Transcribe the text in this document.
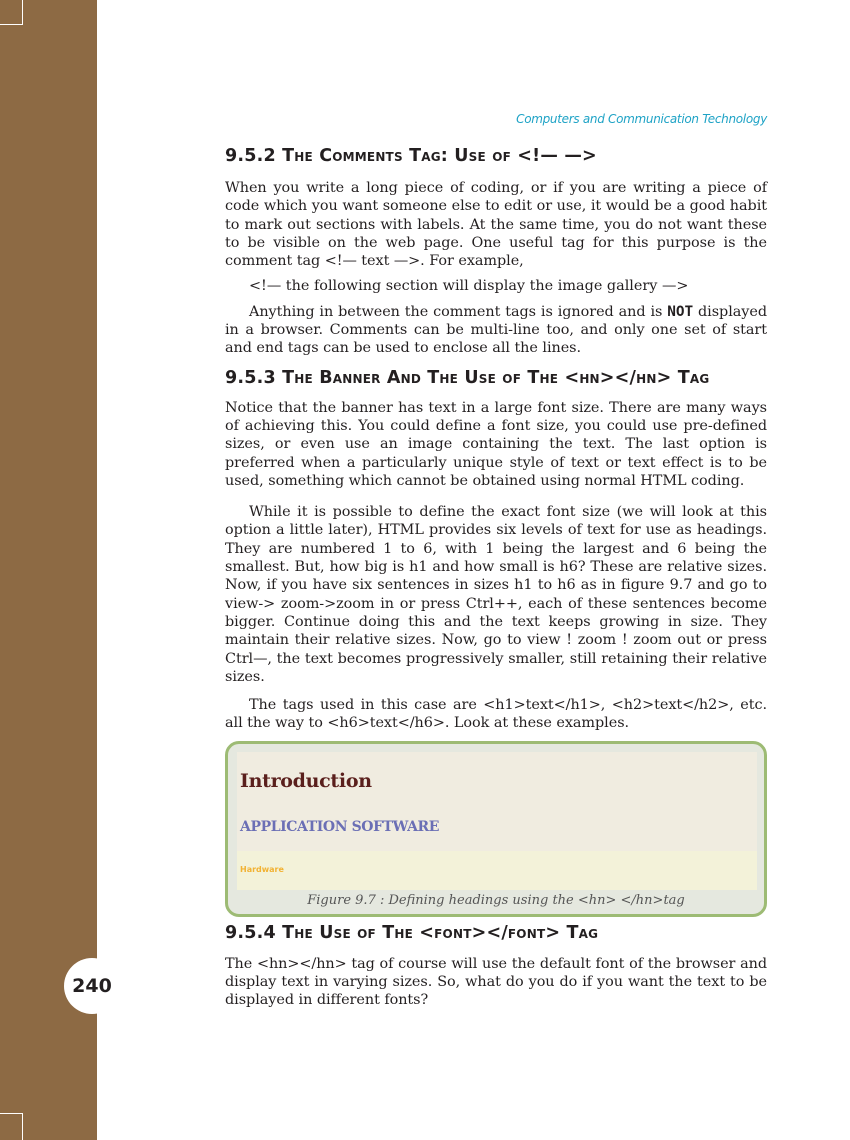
240
Computers and Communication Technology
9.5.2 The Comments Tag: Use of <!— —>

When you write a long piece of coding, or if you are writing a piece of code which you want someone else to edit or use, it would be a good habit to mark out sections with labels. At the same time, you do not want these to be visible on the web page. One useful tag for this purpose is the comment tag <!— text —>. For example,

<!— the following section will display the image gallery —>

Anything in between the comment tags is ignored and is NOT displayed in a browser. Comments can be multi-line too, and only one set of start and end tags can be used to enclose all the lines.

9.5.3 The Banner And The Use of The <hn></hn> Tag

Notice that the banner has text in a large font size. There are many ways of achieving this. You could define a font size, you could use pre-defined sizes, or even use an image containing the text. The last option is preferred when a particularly unique style of text or text effect is to be used, something which cannot be obtained using normal HTML coding.

While it is possible to define the exact font size (we will look at this option a little later), HTML provides six levels of text for use as headings. They are numbered 1 to 6, with 1 being the largest and 6 being the smallest. But, how big is h1 and how small is h6? These are relative sizes. Now, if you have six sentences in sizes h1 to h6 as in figure 9.7 and go to view-> zoom->zoom in or press Ctrl++, each of these sentences become bigger. Continue doing this and the text keeps growing in size. They maintain their relative sizes. Now, go to view ! zoom ! zoom out or press Ctrl—, the text becomes progressively smaller, still retaining their relative sizes.

The tags used in this case are <h1>text</h1>, <h2>text</h2>, etc. all the way to <h6>text</h6>. Look at these examples.

Introduction
APPLICATION SOFTWARE
Hardware
Figure 9.7 : Defining headings using the <hn> </hn>tag
9.5.4 The Use of The <font></font> Tag

The <hn></hn> tag of course will use the default font of the browser and display text in varying sizes. So, what do you do if you want the text to be displayed in different fonts?
